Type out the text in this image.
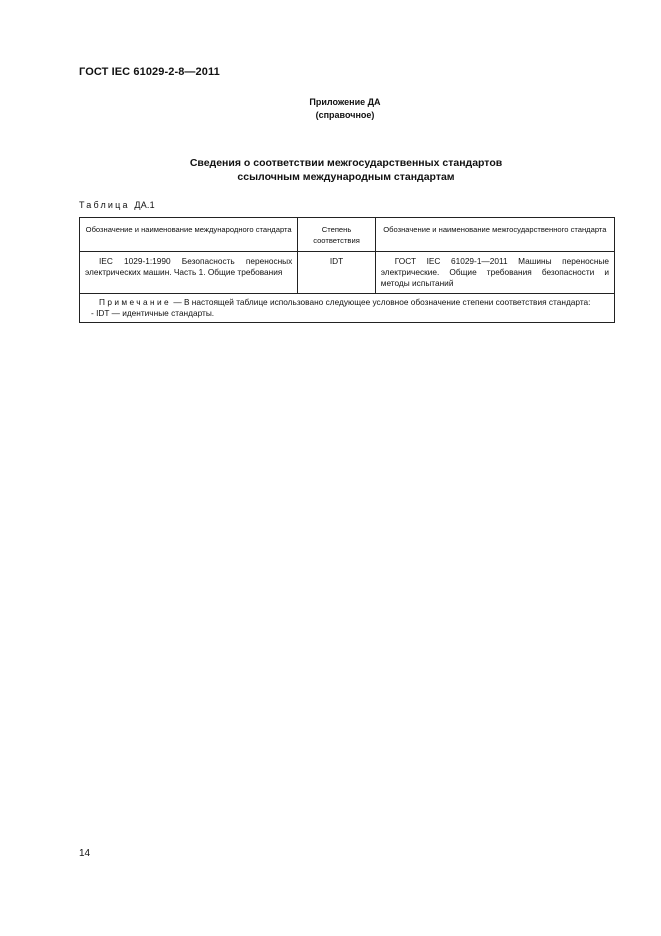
ГОСТ IEC 61029-2-8—2011
Приложение ДА
(справочное)
Сведения о соответствии межгосударственных стандартов
ссылочным международным стандартам
Таблица ДА.1
Обозначение и наименование международного стандарта	Степень соответствия	Обозначение и наименование межгосударственного стандарта
IEC 1029-1:1990 Безопасность переносных электрических машин. Часть 1. Общие требования	IDT	ГОСТ IEC 61029-1—2011 Машины переносные электрические. Общие требования безопасности и методы испытаний

Примечание — В настоящей таблице использовано следующее условное обозначение степени соответствия стандарта:
- IDT — идентичные стандарты.		
14
